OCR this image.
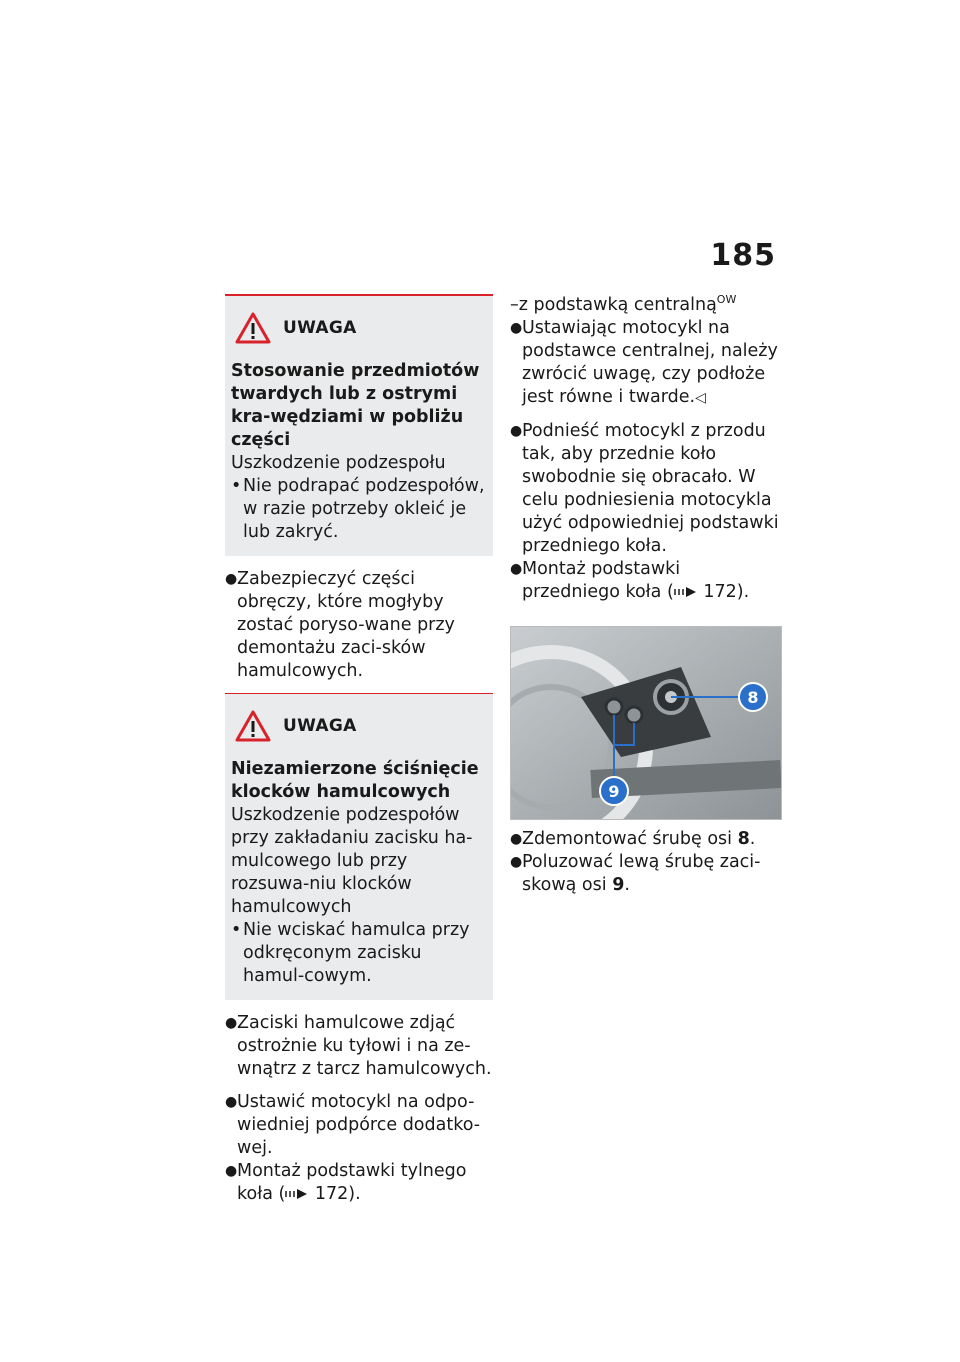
185
UWAGA
Stosowanie przedmiotów twardych lub z ostrymi kra-wędziami w pobliżu części
Uszkodzenie podzespołu
• Nie podrapać podzespołów, w razie potrzeby okleić je lub zakryć.
● Zabezpieczyć części obręczy, które mogłyby zostać poryso-wane przy demontażu zaci-sków hamulcowych.
UWAGA
Niezamierzone ściśnięcie klocków hamulcowych
Uszkodzenie podzespołów przy zakładaniu zacisku ha-mulcowego lub przy rozsuwa-niu klocków hamulcowych
• Nie wciskać hamulca przy odkręconym zacisku hamul-cowym.
● Zaciski hamulcowe zdjąć ostrożnie ku tyłowi i na ze-wnątrz z tarcz hamulcowych.
● Ustawić motocykl na odpo-wiedniej podpórce dodatko-wej.
● Montaż podstawki tylnego koła ( 172).
–z podstawką centralną$^{OW}$
● Ustawiając motocykl na podstawce centralnej, należy zwrócić uwagę, czy podłoże jest równe i twarde.◁
● Podnieść motocykl z przodu tak, aby przednie koło swobodnie się obracało. W celu podniesienia motocykla użyć odpowiedniej podstawki przedniego koła.
● Montaż podstawki przedniego koła ( 172).
8
9
● Zdemontować śrubę osi 8.
● Poluzować lewą śrubę zaci-skową osi 9.
